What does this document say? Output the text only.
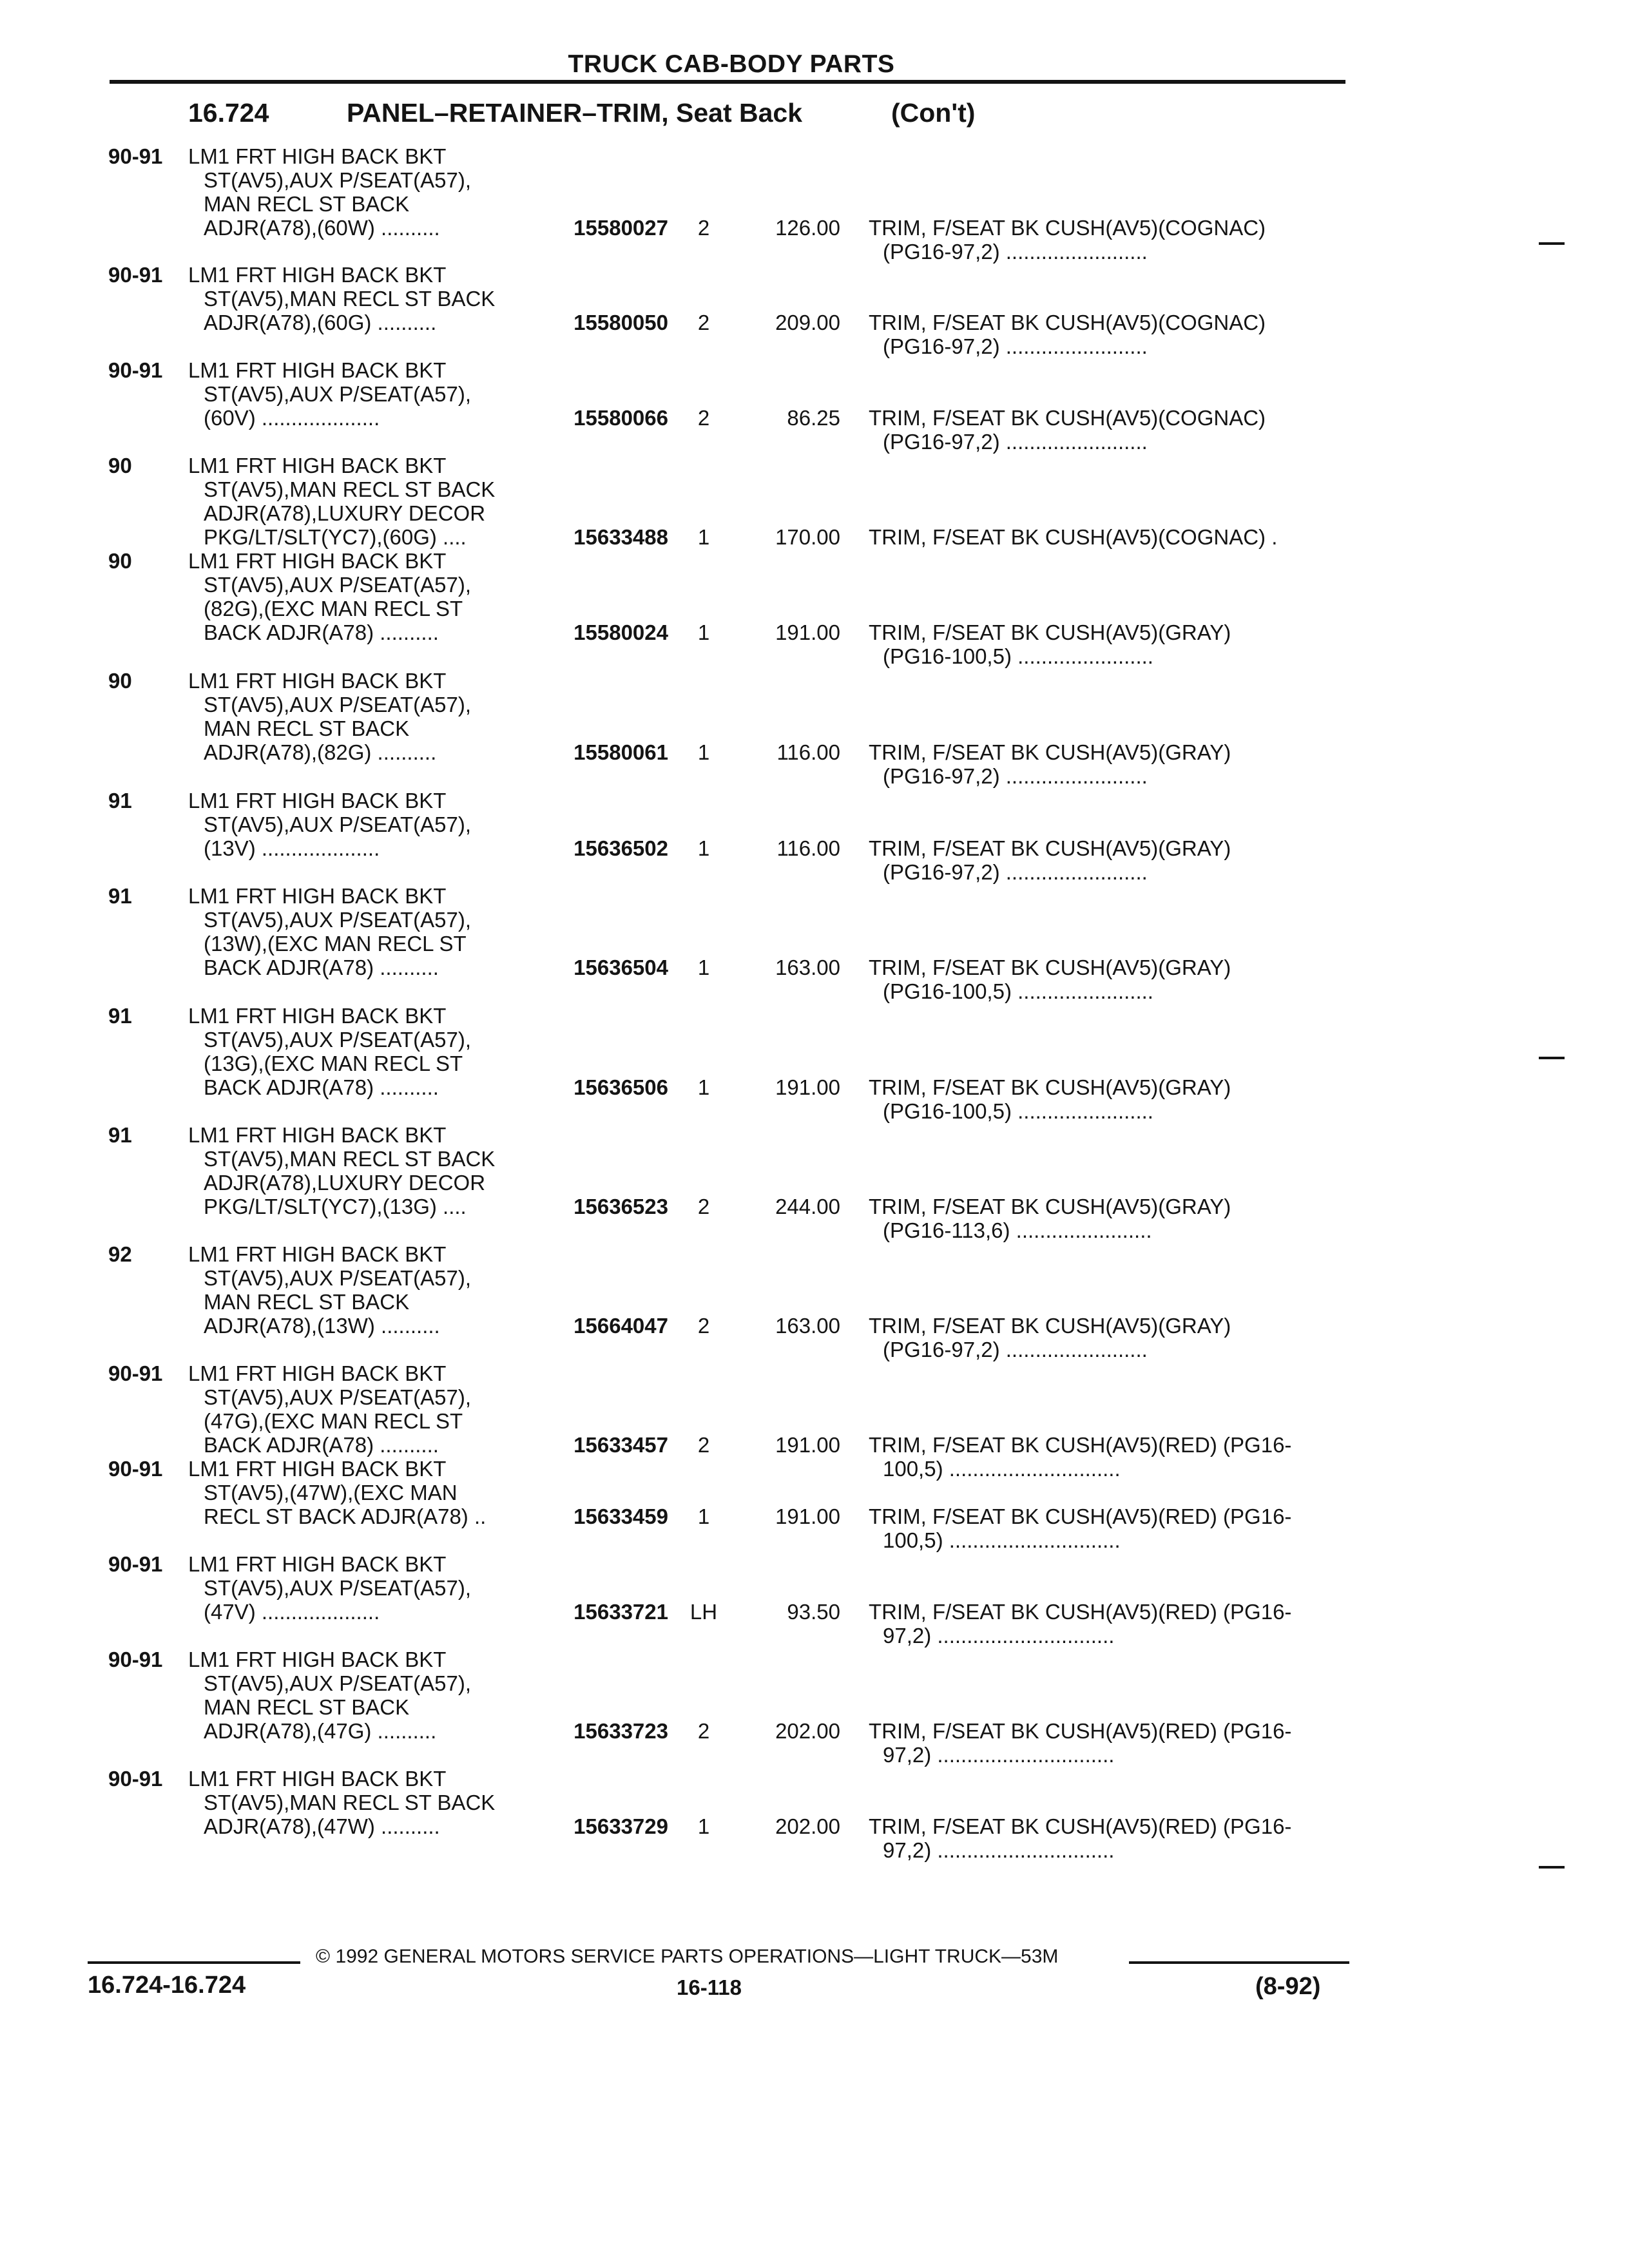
TRUCK CAB-BODY PARTS
16.724	PANEL–RETAINER–TRIM, Seat Back	(Con't)
90-91 LM1 FRT HIGH BACK BKT
ST(AV5),AUX P/SEAT(A57),
MAN RECL ST BACK
ADJR(A78),(60W) ..........	15580027	2	126.00 TRIM, F/SEAT BK CUSH(AV5)(COGNAC)
(PG16-97,2) ........................
90-91 LM1 FRT HIGH BACK BKT
ST(AV5),MAN RECL ST BACK
ADJR(A78),(60G) ..........	15580050	2	209.00 TRIM, F/SEAT BK CUSH(AV5)(COGNAC)
(PG16-97,2) ........................
90-91 LM1 FRT HIGH BACK BKT
ST(AV5),AUX P/SEAT(A57),
(60V) ....................	15580066	2	86.25 TRIM, F/SEAT BK CUSH(AV5)(COGNAC)
(PG16-97,2) ........................
90	LM1 FRT HIGH BACK BKT
ST(AV5),MAN RECL ST BACK
ADJR(A78),LUXURY DECOR
PKG/LT/SLT(YC7),(60G) ....	15633488	1	170.00 TRIM, F/SEAT BK CUSH(AV5)(COGNAC) .
90	LM1 FRT HIGH BACK BKT
ST(AV5),AUX P/SEAT(A57),
(82G),(EXC MAN RECL ST
BACK ADJR(A78) ..........	15580024	1	191.00 TRIM, F/SEAT BK CUSH(AV5)(GRAY)
(PG16-100,5) .......................
90	LM1 FRT HIGH BACK BKT
ST(AV5),AUX P/SEAT(A57),
MAN RECL ST BACK
ADJR(A78),(82G) ..........	15580061	1	116.00 TRIM, F/SEAT BK CUSH(AV5)(GRAY)
(PG16-97,2) ........................
91	LM1 FRT HIGH BACK BKT
ST(AV5),AUX P/SEAT(A57),
(13V) ....................	15636502	1	116.00 TRIM, F/SEAT BK CUSH(AV5)(GRAY)
(PG16-97,2) ........................
91	LM1 FRT HIGH BACK BKT
ST(AV5),AUX P/SEAT(A57),
(13W),(EXC MAN RECL ST
BACK ADJR(A78) ..........	15636504	1	163.00 TRIM, F/SEAT BK CUSH(AV5)(GRAY)
(PG16-100,5) .......................
91	LM1 FRT HIGH BACK BKT
ST(AV5),AUX P/SEAT(A57),
(13G),(EXC MAN RECL ST
BACK ADJR(A78) ..........	15636506	1	191.00 TRIM, F/SEAT BK CUSH(AV5)(GRAY)
(PG16-100,5) .......................
91	LM1 FRT HIGH BACK BKT
ST(AV5),MAN RECL ST BACK
ADJR(A78),LUXURY DECOR
PKG/LT/SLT(YC7),(13G) ....	15636523	2	244.00 TRIM, F/SEAT BK CUSH(AV5)(GRAY)
(PG16-113,6) .......................
92	LM1 FRT HIGH BACK BKT
ST(AV5),AUX P/SEAT(A57),
MAN RECL ST BACK
ADJR(A78),(13W) ..........	15664047	2	163.00 TRIM, F/SEAT BK CUSH(AV5)(GRAY)
(PG16-97,2) ........................
90-91 LM1 FRT HIGH BACK BKT
ST(AV5),AUX P/SEAT(A57),
(47G),(EXC MAN RECL ST
BACK ADJR(A78) ..........	15633457	2	191.00 TRIM, F/SEAT BK CUSH(AV5)(RED) (PG16-
100,5) .............................
90-91 LM1 FRT HIGH BACK BKT
ST(AV5),(47W),(EXC MAN
RECL ST BACK ADJR(A78) ..	15633459	1	191.00 TRIM, F/SEAT BK CUSH(AV5)(RED) (PG16-
100,5) .............................
90-91 LM1 FRT HIGH BACK BKT
ST(AV5),AUX P/SEAT(A57),
(47V) ....................	15633721	LH	93.50 TRIM, F/SEAT BK CUSH(AV5)(RED) (PG16-
97,2) ..............................
90-91 LM1 FRT HIGH BACK BKT
ST(AV5),AUX P/SEAT(A57),
MAN RECL ST BACK
ADJR(A78),(47G) ..........	15633723	2	202.00 TRIM, F/SEAT BK CUSH(AV5)(RED) (PG16-
97,2) ..............................
90-91 LM1 FRT HIGH BACK BKT
ST(AV5),MAN RECL ST BACK
ADJR(A78),(47W) ..........	15633729	1	202.00 TRIM, F/SEAT BK CUSH(AV5)(RED) (PG16-
97,2) ..............................
© 1992 GENERAL MOTORS SERVICE PARTS OPERATIONS—LIGHT TRUCK—53M
16.724-16.724	16-118	(8-92)
